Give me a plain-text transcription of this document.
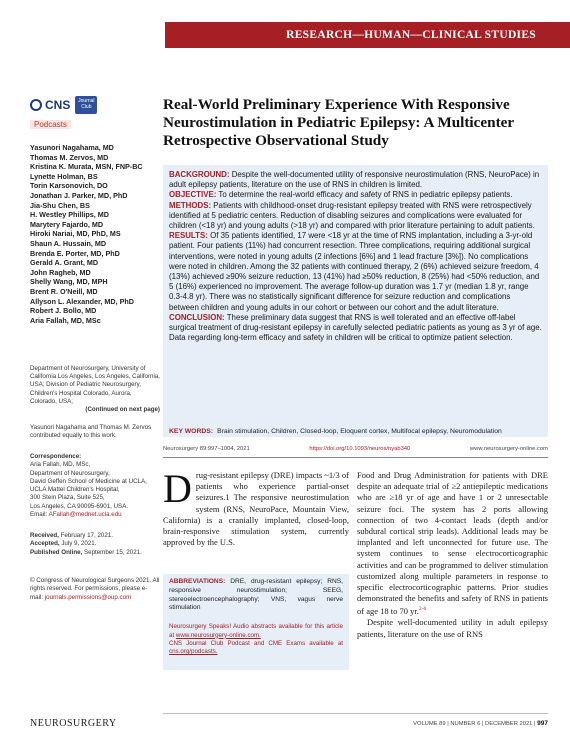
RESEARCH—HUMAN—CLINICAL STUDIES
CNS	Journal Club
Podcasts
Real-World Preliminary Experience With Responsive Neurostimulation in Pediatric Epilepsy: A Multicenter Retrospective Observational Study
Yasunori Nagahama, MD
Thomas M. Zervos, MD
Kristina K. Murata, MSN, FNP-BC
Lynette Holman, BS
Torin Karsonovich, DO
Jonathan J. Parker, MD, PhD
Jia-Shu Chen, BS
H. Westley Phillips, MD
Marytery Fajardo, MD
Hiroki Nariai, MD, PhD, MS
Shaun A. Hussain, MD
Brenda E. Porter, MD, PhD
Gerald A. Grant, MD
John Ragheb, MD
Shelly Wang, MD, MPH
Brent R. O'Neill, MD
Allyson L. Alexander, MD, PhD
Robert J. Bollo, MD
Aria Fallah, MD, MSc
Department of Neurosurgery, University of California Los Angeles, Los Angeles, California, USA; Division of Pediatric Neurosurgery, Children's Hospital Colorado, Aurora, Colorado, USA;
(Continued on next page)
Yasunori Nagahama and Thomas M. Zervos contributed equally to this work.
Correspondence:
Aria Fallah, MD, MSc,
Department of Neurosurgery,
David Geffen School of Medicine at UCLA,
UCLA Mattel Children's Hospital,
300 Stein Plaza, Suite 525,
Los Angeles, CA 90095-6901, USA.
Email: AFallah@mednet.ucla.edu
Received, February 17, 2021.
Accepted, July 9, 2021.
Published Online, September 15, 2021.
© Congress of Neurological Surgeons 2021. All rights reserved. For permissions, please e-mail: journals.permissions@oup.com

BACKGROUND: Despite the well-documented utility of responsive neurostimulation (RNS, NeuroPace) in adult epilepsy patients, literature on the use of RNS in children is limited.

OBJECTIVE: To determine the real-world efficacy and safety of RNS in pediatric epilepsy patients.

METHODS: Patients with childhood-onset drug-resistant epilepsy treated with RNS were retrospectively identified at 5 pediatric centers. Reduction of disabling seizures and complications were evaluated for children (<18 yr) and young adults (>18 yr) and compared with prior literature pertaining to adult patients.

RESULTS: Of 35 patients identified, 17 were <18 yr at the time of RNS implantation, including a 3-yr-old patient. Four patients (11%) had concurrent resection. Three complications, requiring additional surgical interventions, were noted in young adults (2 infections [6%] and 1 lead fracture [3%]). No complications were noted in children. Among the 32 patients with continued therapy, 2 (6%) achieved seizure freedom, 4 (13%) achieved ≥90% seizure reduction, 13 (41%) had ≥50% reduction, 8 (25%) had <50% reduction, and 5 (16%) experienced no improvement. The average follow-up duration was 1.7 yr (median 1.8 yr, range 0.3-4.8 yr). There was no statistically significant difference for seizure reduction and complications between children and young adults in our cohort or between our cohort and the adult literature.

CONCLUSION: These preliminary data suggest that RNS is well tolerated and an effective off-label surgical treatment of drug-resistant epilepsy in carefully selected pediatric patients as young as 3 yr of age. Data regarding long-term efficacy and safety in children will be critical to optimize patient selection.

KEY WORDS: Brain stimulation, Children, Closed-loop, Eloquent cortex, Multifocal epilepsy, Neuromodulation
Neurosurgery 89:997–1004, 2021	https://doi.org/10.1093/neuros/nyab340	www.neurosurgery-online.com
Drug-resistant epilepsy (DRE) impacts ~1/3 of patients who experience partial-onset seizures.1 The responsive neurostimulation system (RNS, NeuroPace, Mountain View, California) is a cranially implanted, closed-loop, brain-responsive stimulation system, currently approved by the U.S.
ABBREVIATIONS: DRE, drug-resistant epilepsy; RNS, responsive neurostimulation; SEEG, stereoelectroencephalography; VNS, vagus nerve stimulation
Neurosurgery Speaks! Audio abstracts available for this article at www.neurosurgery-online.com.
CNS Journal Club Podcast and CME Exams available at cns.org/podcasts.

Food and Drug Administration for patients with DRE despite an adequate trial of ≥2 antiepileptic medications who are ≥18 yr of age and have 1 or 2 unresectable seizure foci. The system has 2 ports allowing connection of two 4-contact leads (depth and/or subdural cortical strip leads). Additional leads may be implanted and left unconnected for future use. The system continues to sense electrocorticographic activities and can be programmed to deliver stimulation customized along multiple parameters in response to specific electrocorticographic patterns. Prior studies demonstrated the benefits and safety of RNS in patients of age 18 to 70 yr.$^{2-6}$

Despite well-documented utility in adult epilepsy patients, literature on the use of RNS

NEUROSURGERY	VOLUME 89 | NUMBER 6 | DECEMBER 2021 | 997
